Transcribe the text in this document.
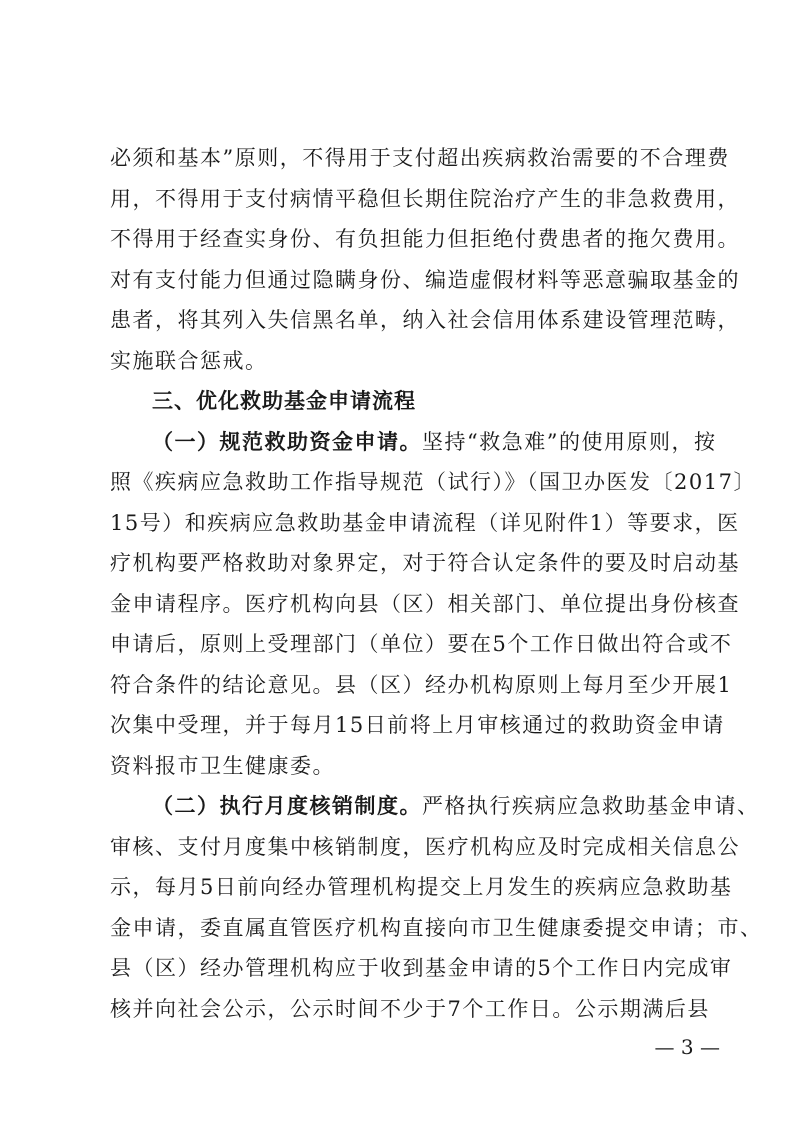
必须和基本”原则，不得用于支付超出疾病救治需要的不合理费
用，不得用于支付病情平稳但长期住院治疗产生的非急救费用，
不得用于经查实身份、有负担能力但拒绝付费患者的拖欠费用。
对有支付能力但通过隐瞒身份、编造虚假材料等恶意骗取基金的
患者，将其列入失信黑名单，纳入社会信用体系建设管理范畴，
实施联合惩戒。
三、优化救助基金申请流程
（一）规范救助资金申请。坚持“救急难”的使用原则，按
照《疾病应急救助工作指导规范（试行）》（国卫办医发〔2017〕
15号）和疾病应急救助基金申请流程（详见附件1）等要求，医
疗机构要严格救助对象界定，对于符合认定条件的要及时启动基
金申请程序。医疗机构向县（区）相关部门、单位提出身份核查
申请后，原则上受理部门（单位）要在5个工作日做出符合或不
符合条件的结论意见。县（区）经办机构原则上每月至少开展1
次集中受理，并于每月15日前将上月审核通过的救助资金申请
资料报市卫生健康委。
（二）执行月度核销制度。严格执行疾病应急救助基金申请、
审核、支付月度集中核销制度，医疗机构应及时完成相关信息公
示，每月5日前向经办管理机构提交上月发生的疾病应急救助基
金申请，委直属直管医疗机构直接向市卫生健康委提交申请；市、
县（区）经办管理机构应于收到基金申请的5个工作日内完成审
核并向社会公示，公示时间不少于7个工作日。公示期满后县
— 3 —
